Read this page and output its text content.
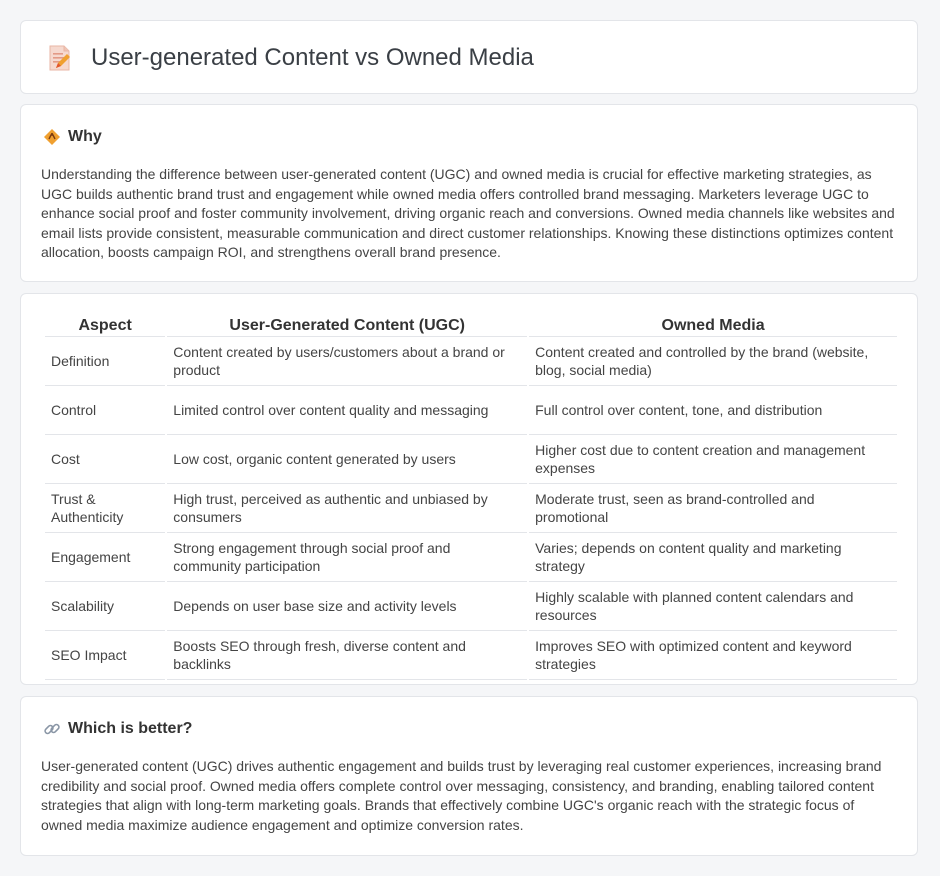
User-generated Content vs Owned Media
Why

Understanding the difference between user-generated content (UGC) and owned media is crucial for effective marketing strategies, as UGC builds authentic brand trust and engagement while owned media offers controlled brand messaging. Marketers leverage UGC to enhance social proof and foster community involvement, driving organic reach and conversions. Owned media channels like websites and email lists provide consistent, measurable communication and direct customer relationships. Knowing these distinctions optimizes content allocation, boosts campaign ROI, and strengthens overall brand presence.

Aspect	User-Generated Content (UGC)	Owned Media
Definition	Content created by users/customers about a brand or product	Content created and controlled by the brand (website, blog, social media)
Control	Limited control over content quality and messaging	Full control over content, tone, and distribution
Cost	Low cost, organic content generated by users	Higher cost due to content creation and management expenses
Trust & Authenticity	High trust, perceived as authentic and unbiased by consumers	Moderate trust, seen as brand-controlled and promotional
Engagement	Strong engagement through social proof and community participation	Varies; depends on content quality and marketing strategy
Scalability	Depends on user base size and activity levels	Highly scalable with planned content calendars and resources
SEO Impact	Boosts SEO through fresh, diverse content and backlinks	Improves SEO with optimized content and keyword strategies
Which is better?

User-generated content (UGC) drives authentic engagement and builds trust by leveraging real customer experiences, increasing brand credibility and social proof. Owned media offers complete control over messaging, consistency, and branding, enabling tailored content strategies that align with long-term marketing goals. Brands that effectively combine UGC's organic reach with the strategic focus of owned media maximize audience engagement and optimize conversion rates.
